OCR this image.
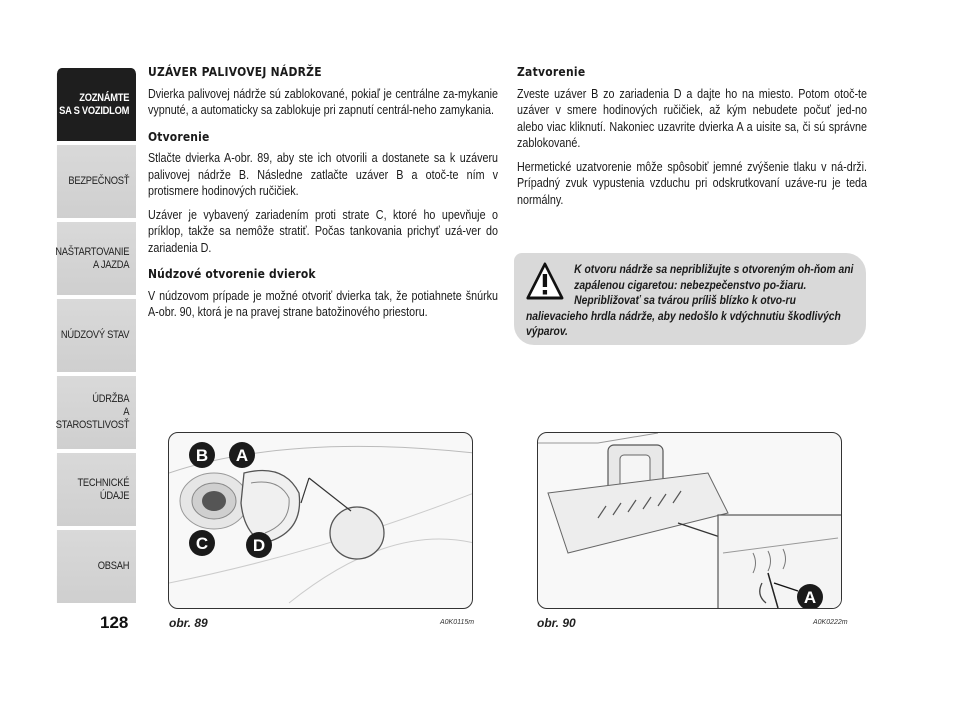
ZOZNÁMTE
SA S VOZIDLOM
BEZPEČNOSŤ
NAŠTARTOVANIE
A JAZDA
NÚDZOVÝ STAV
ÚDRŽBA
A STAROSTLIVOSŤ
TECHNICKÉ
ÚDAJE
OBSAH
128
UZÁVER PALIVOVEJ NÁDRŽE

Dvierka palivovej nádrže sú zablokované, pokiaľ je centrálne za-mykanie vypnuté, a automaticky sa zablokuje pri zapnutí centrál-neho zamykania.

Otvorenie

Stlačte dvierka A-obr. 89, aby ste ich otvorili a dostanete sa k uzáveru palivovej nádrže B. Následne zatlačte uzáver B a otoč-te ním v protismere hodinových ručičiek.

Uzáver je vybavený zariadením proti strate C, ktoré ho upevňuje o príklop, takže sa nemôže stratiť. Počas tankovania prichyť uzá-ver do zariadenia D.

Núdzové otvorenie dvierok

V núdzovom prípade je možné otvoriť dvierka tak, že potiahnete šnúrku A-obr. 90, ktorá je na pravej strane batožinového priestoru.

Zatvorenie

Zveste uzáver B zo zariadenia D a dajte ho na miesto. Potom otoč-te uzáver v smere hodinových ručičiek, až kým nebudete počuť jed-no alebo viac kliknutí. Nakoniec uzavrite dvierka A a uisite sa, či sú správne zablokované.

Hermetické uzatvorenie môže spôsobiť jemné zvýšenie tlaku v ná-drži. Prípadný zvuk vypustenia vzduchu pri odskrutkovaní uzáve-ru je teda normálny.

K otvoru nádrže sa nepribližujte s otvoreným oh-ňom ani zapálenou cigaretou: nebezpečenstvo po-žiaru. Nepribližovať sa tvárou príliš blízko k otvo-ru nalievacieho hrdla nádrže, aby nedošlo k vdýchnutiu škodlivých výparov.
B A
C	D
obr. 89	A0K0115m
A
obr. 90	A0K0222m
